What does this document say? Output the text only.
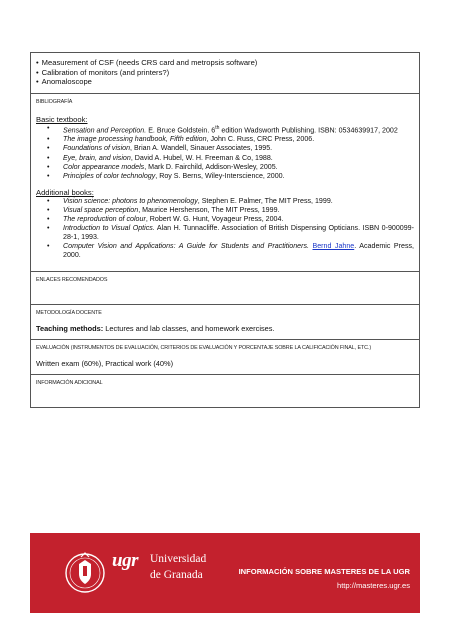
• Measurement of CSF (needs CRS card and metropsis software)
• Calibration of monitors (and printers?)
• Anomaloscope
BIBLIOGRAFÍA
Basic textbook:
• Sensation and Perception. E. Bruce Goldstein. 6th edition Wadsworth Publishing. ISBN: 0534639917, 2002
• The image processing handbook, Fifth edition, John C. Russ, CRC Press, 2006.
• Foundations of vision, Brian A. Wandell, Sinauer Associates, 1995.
• Eye, brain, and vision, David A. Hubel, W. H. Freeman & Co, 1988.
• Color appearance models, Mark D. Fairchild, Addison-Wesley, 2005.
• Principles of color technology, Roy S. Berns, Wiley-Interscience, 2000.
Additional books:
• Vision science: photons to phenomenology, Stephen E. Palmer, The MIT Press, 1999.
• Visual space perception, Maurice Hershenson, The MIT Press, 1999.
• The reproduction of colour, Robert W. G. Hunt, Voyageur Press, 2004.
• Introduction to Visual Optics. Alan H. Tunnacliffe. Association of British Dispensing Opticians. ISBN 0-900099-28-1, 1993.
• Computer Vision and Applications: A Guide for Students and Practitioners. Bernd Jahne. Academic Press, 2000.
ENLACES RECOMENDADOS
METODOLOGÍA DOCENTE
Teaching methods: Lectures and lab classes, and homework exercises.
EVALUACIÓN (INSTRUMENTOS DE EVALUACIÓN, CRITERIOS DE EVALUACIÓN Y PORCENTAJE SOBRE LA CALIFICACIÓN FINAL, ETC.)
Written exam (60%), Practical work (40%)
INFORMACIÓN ADICIONAL
ugr Universidad
de Granada	INFORMACIÓN SOBRE MASTERES DE LA UGR
http://masteres.ugr.es
